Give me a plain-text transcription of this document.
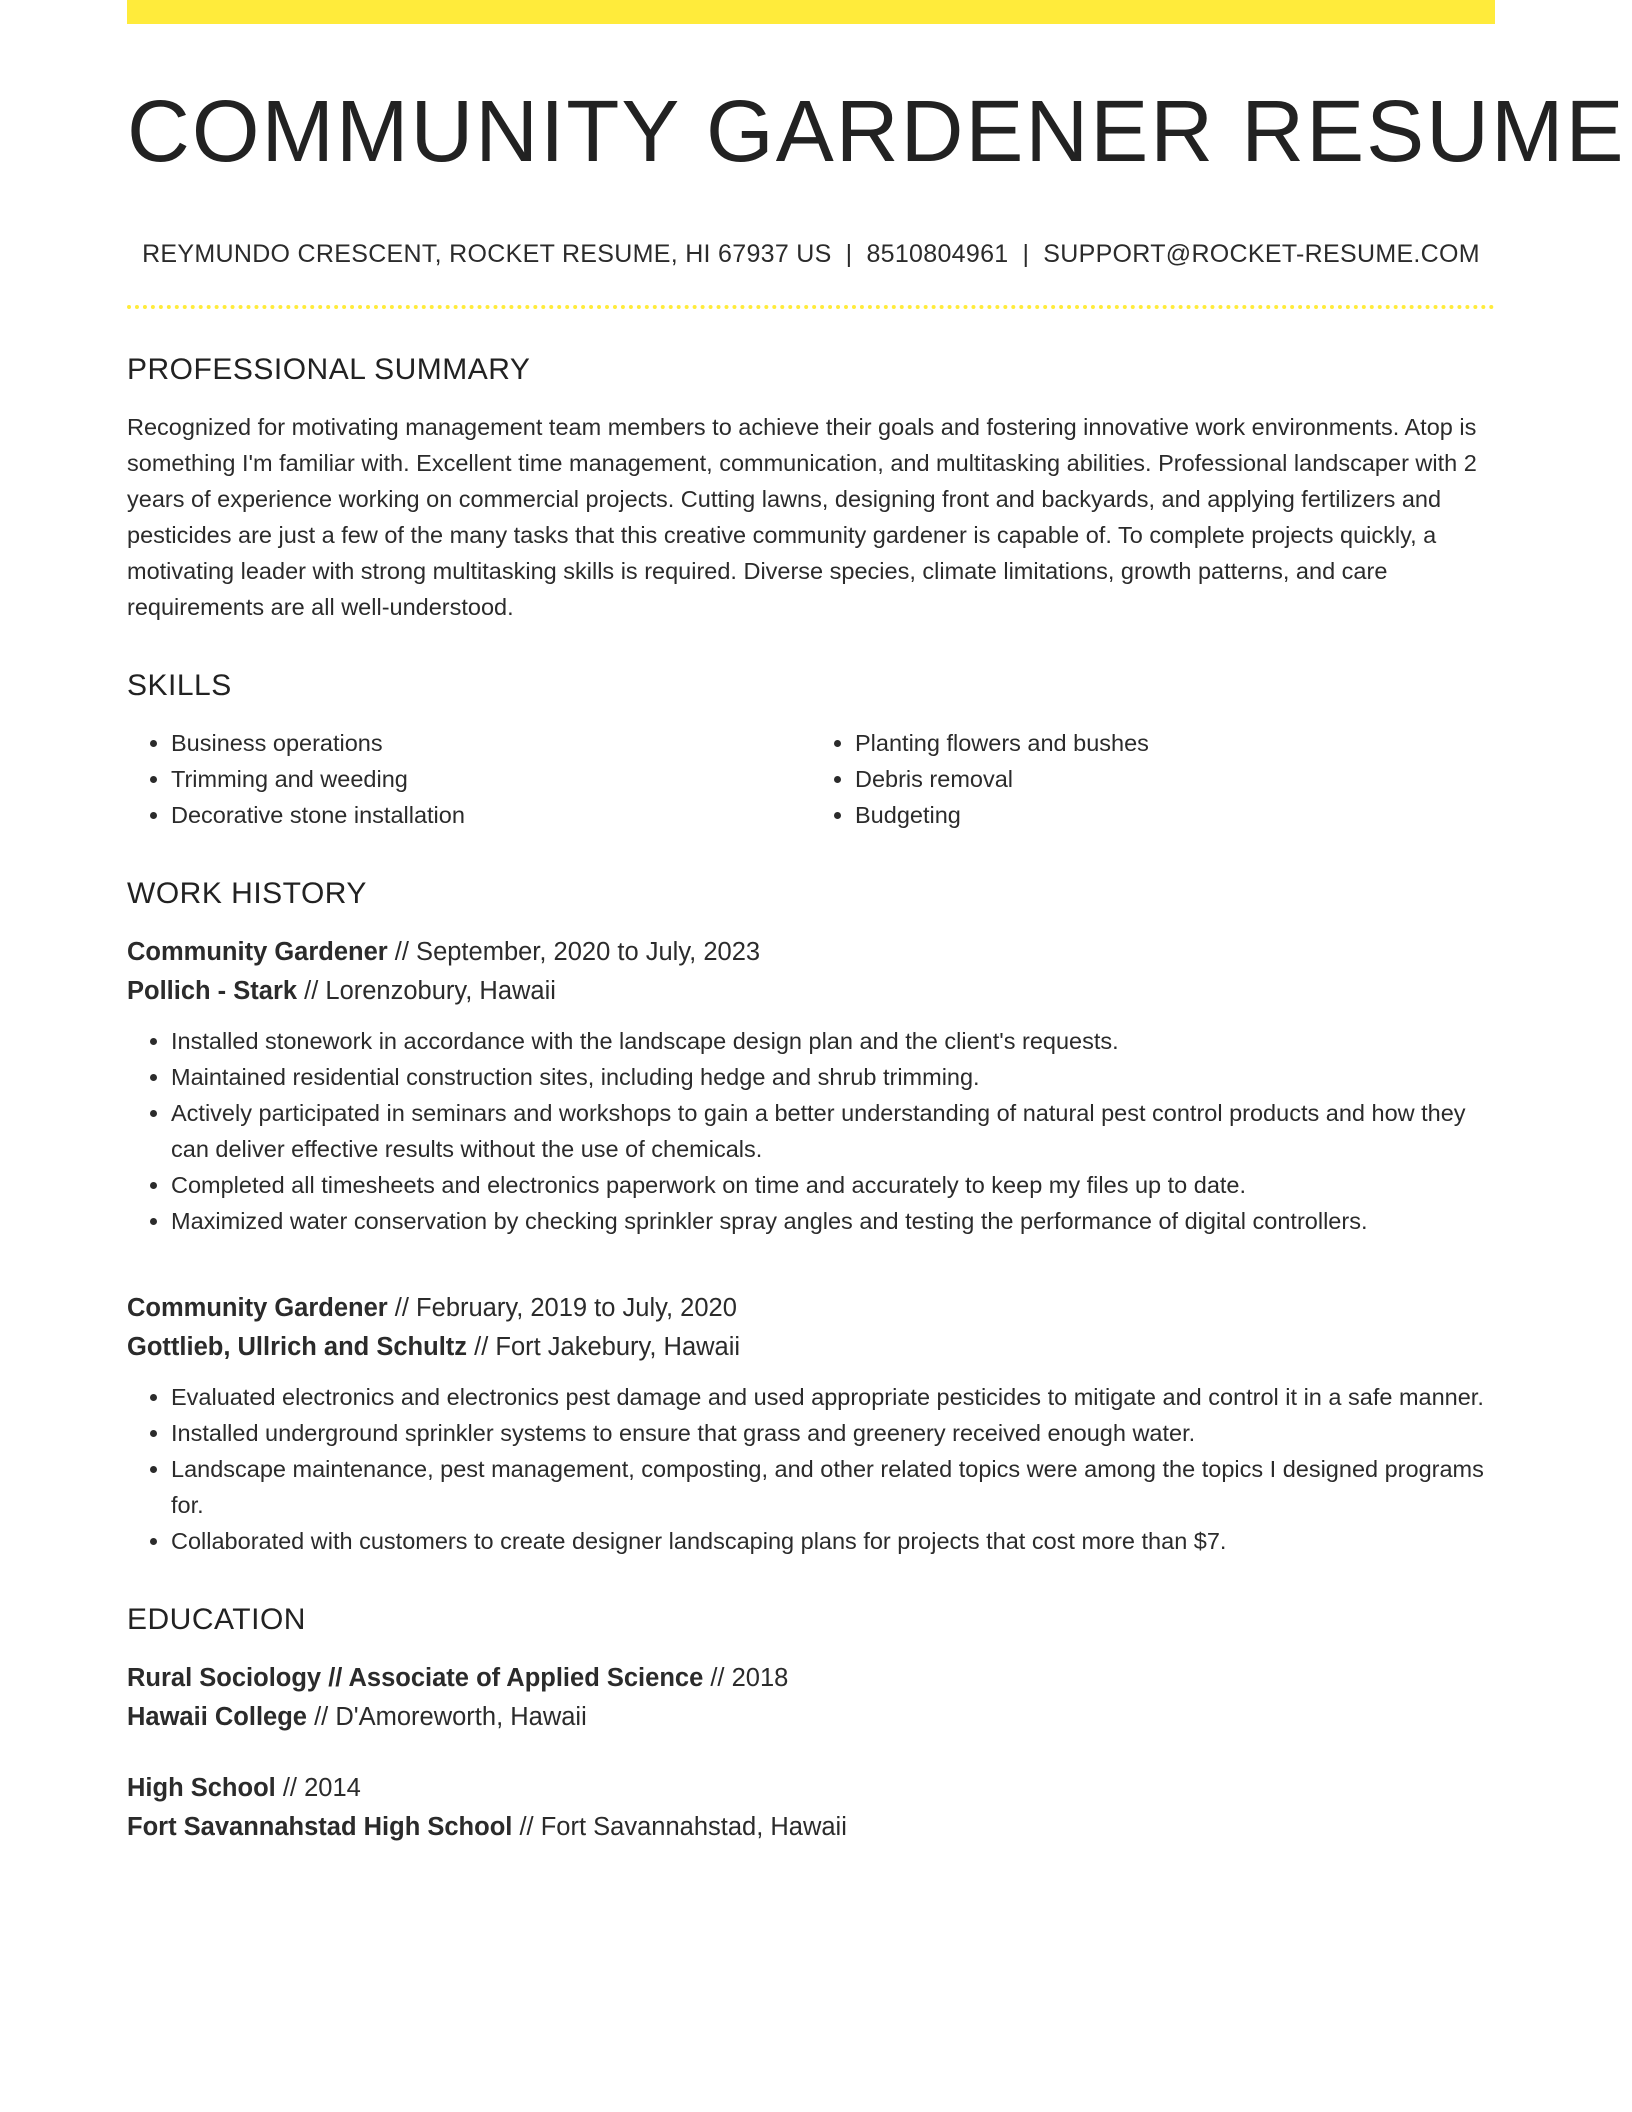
COMMUNITY GARDENER RESUME
REYMUNDO CRESCENT, ROCKET RESUME, HI 67937 US | 8510804961 | SUPPORT@ROCKET-RESUME.COM
PROFESSIONAL SUMMARY

Recognized for motivating management team members to achieve their goals and fostering innovative work environments. Atop is something I'm familiar with. Excellent time management, communication, and multitasking abilities. Professional landscaper with 2 years of experience working on commercial projects. Cutting lawns, designing front and backyards, and applying fertilizers and pesticides are just a few of the many tasks that this creative community gardener is capable of. To complete projects quickly, a motivating leader with strong multitasking skills is required. Diverse species, climate limitations, growth patterns, and care requirements are all well-understood.

SKILLS
• Business operations
• Trimming and weeding
• Decorative stone installation
• Planting flowers and bushes
• Debris removal
• Budgeting
WORK HISTORY
Community Gardener // September, 2020 to July, 2023
Pollich - Stark // Lorenzobury, Hawaii
• Installed stonework in accordance with the landscape design plan and the client's requests.
• Maintained residential construction sites, including hedge and shrub trimming.
• Actively participated in seminars and workshops to gain a better understanding of natural pest control products and how they can deliver effective results without the use of chemicals.
• Completed all timesheets and electronics paperwork on time and accurately to keep my files up to date.
• Maximized water conservation by checking sprinkler spray angles and testing the performance of digital controllers.
Community Gardener // February, 2019 to July, 2020
Gottlieb, Ullrich and Schultz // Fort Jakebury, Hawaii
• Evaluated electronics and electronics pest damage and used appropriate pesticides to mitigate and control it in a safe manner.
• Installed underground sprinkler systems to ensure that grass and greenery received enough water.
• Landscape maintenance, pest management, composting, and other related topics were among the topics I designed programs for.
• Collaborated with customers to create designer landscaping plans for projects that cost more than $7.
EDUCATION
Rural Sociology // Associate of Applied Science // 2018
Hawaii College // D'Amoreworth, Hawaii
High School // 2014
Fort Savannahstad High School // Fort Savannahstad, Hawaii
